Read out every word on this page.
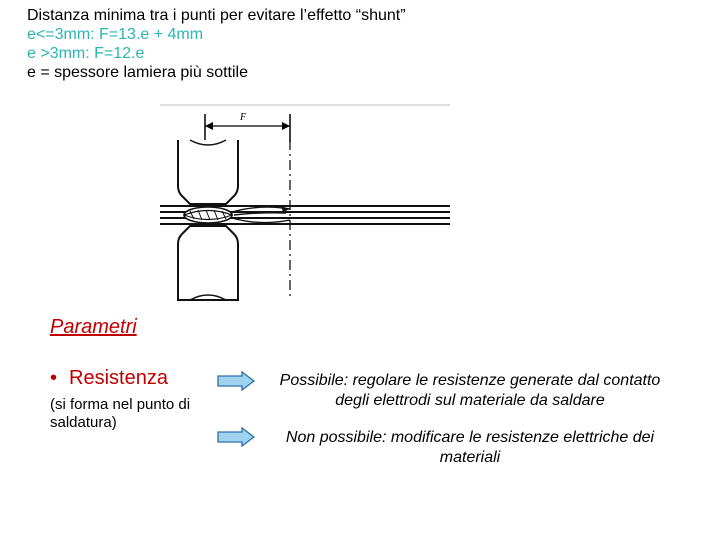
Distanza minima tra i punti per evitare l’effetto “shunt”
e<=3mm: F=13.e + 4mm
e >3mm: F=12.e
e = spessore lamiera più sottile
F
Parametri
• Resistenza
(si forma nel punto di saldatura)
Possibile: regolare le resistenze generate dal contatto
degli elettrodi sul materiale da saldare
Non possibile: modificare le resistenze elettriche dei
materiali
